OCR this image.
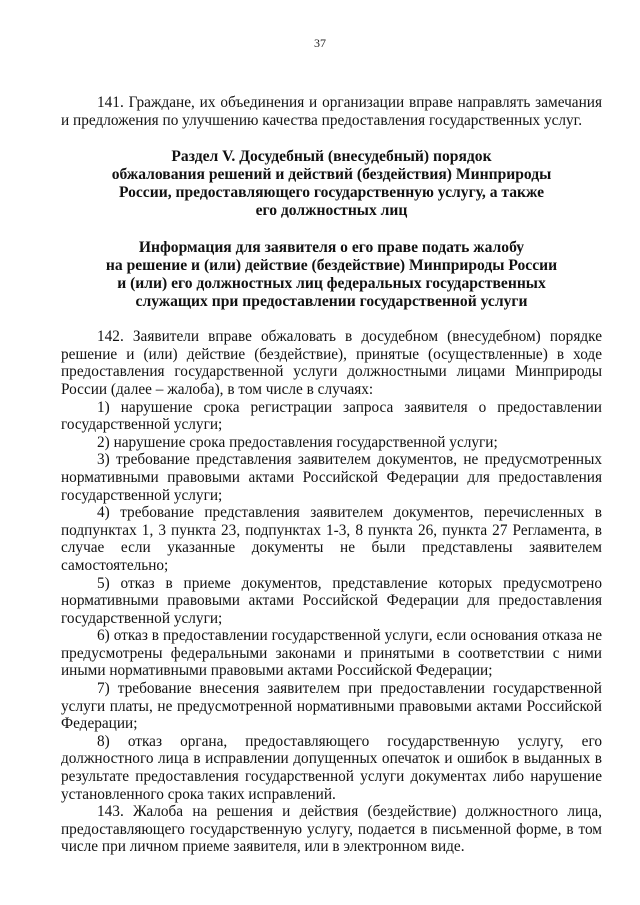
37

141. Граждане, их объединения и организации вправе направлять замечания и предложения по улучшению качества предоставления государственных услуг.

Раздел V. Досудебный (внесудебный) порядок
обжалования решений и действий (бездействия) Минприроды
России, предоставляющего государственную услугу, а также
его должностных лиц
Информация для заявителя о его праве подать жалобу
на решение и (или) действие (бездействие) Минприроды России
и (или) его должностных лиц федеральных государственных
служащих при предоставлении государственной услуги

142. Заявители вправе обжаловать в досудебном (внесудебном) порядке решение и (или) действие (бездействие), принятые (осуществленные) в ходе предоставления государственной услуги должностными лицами Минприроды России (далее – жалоба), в том числе в случаях:

1) нарушение срока регистрации запроса заявителя о предоставлении государственной услуги;

2) нарушение срока предоставления государственной услуги;

3) требование представления заявителем документов, не предусмотренных нормативными правовыми актами Российской Федерации для предоставления государственной услуги;

4) требование представления заявителем документов, перечисленных в подпунктах 1, 3 пункта 23, подпунктах 1-3, 8 пункта 26, пункта 27 Регламента, в случае если указанные документы не были представлены заявителем самостоятельно;

5) отказ в приеме документов, представление которых предусмотрено нормативными правовыми актами Российской Федерации для предоставления государственной услуги;

6) отказ в предоставлении государственной услуги, если основания отказа не предусмотрены федеральными законами и принятыми в соответствии с ними иными нормативными правовыми актами Российской Федерации;

7) требование внесения заявителем при предоставлении государственной услуги платы, не предусмотренной нормативными правовыми актами Российской Федерации;

8) отказ органа, предоставляющего государственную услугу, его должностного лица в исправлении допущенных опечаток и ошибок в выданных в результате предоставления государственной услуги документах либо нарушение установленного срока таких исправлений.

143. Жалоба на решения и действия (бездействие) должностного лица, предоставляющего государственную услугу, подается в письменной форме, в том числе при личном приеме заявителя, или в электронном виде.
